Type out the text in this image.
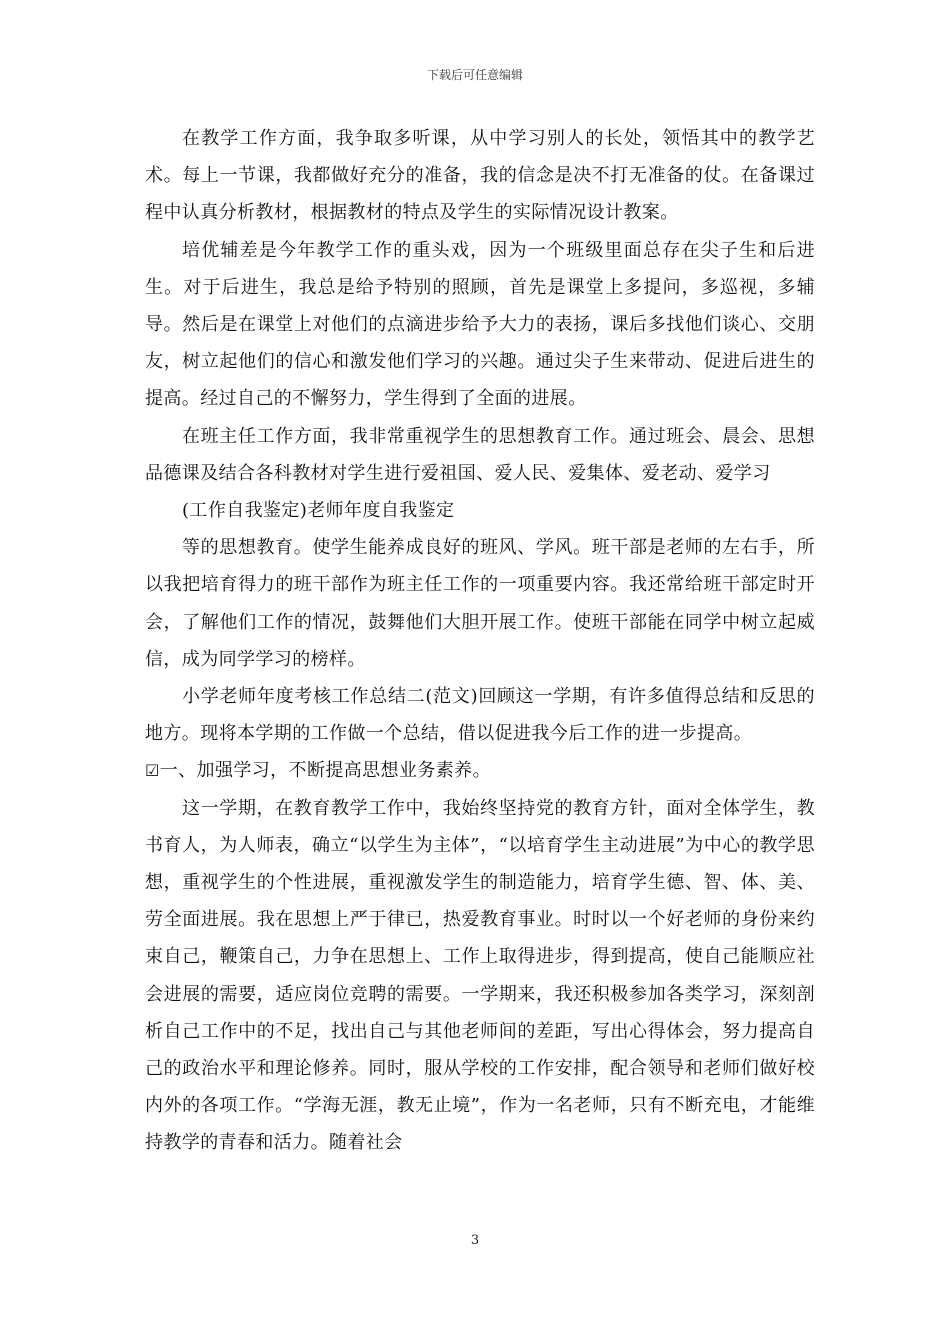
下载后可任意编辑

在教学工作方面，我争取多听课，从中学习别人的长处，领悟其中的教学艺术。每上一节课，我都做好充分的准备，我的信念是决不打无准备的仗。在备课过程中认真分析教材，根据教材的特点及学生的实际情况设计教案。

培优辅差是今年教学工作的重头戏，因为一个班级里面总存在尖子生和后进生。对于后进生，我总是给予特别的照顾，首先是课堂上多提问，多巡视，多辅导。然后是在课堂上对他们的点滴进步给予大力的表扬，课后多找他们谈心、交朋友，树立起他们的信心和激发他们学习的兴趣。通过尖子生来带动、促进后进生的提高。经过自己的不懈努力，学生得到了全面的进展。

在班主任工作方面，我非常重视学生的思想教育工作。通过班会、晨会、思想品德课及结合各科教材对学生进行爱祖国、爱人民、爱集体、爱老动、爱学习

(工作自我鉴定)老师年度自我鉴定

等的思想教育。使学生能养成良好的班风、学风。班干部是老师的左右手，所以我把培育得力的班干部作为班主任工作的一项重要内容。我还常给班干部定时开会，了解他们工作的情况，鼓舞他们大胆开展工作。使班干部能在同学中树立起威信，成为同学学习的榜样。

小学老师年度考核工作总结二(范文)回顾这一学期，有许多值得总结和反思的地方。现将本学期的工作做一个总结，借以促进我今后工作的进一步提高。

☑一、加强学习，不断提高思想业务素养。

这一学期，在教育教学工作中，我始终坚持党的教育方针，面对全体学生，教书育人，为人师表，确立“以学生为主体”，“以培育学生主动进展”为中心的教学思想，重视学生的个性进展，重视激发学生的制造能力，培育学生德、智、体、美、劳全面进展。我在思想上严于律已，热爱教育事业。时时以一个好老师的身份来约束自己，鞭策自己，力争在思想上、工作上取得进步，得到提高，使自己能顺应社会进展的需要，适应岗位竞聘的需要。一学期来，我还积极参加各类学习，深刻剖析自己工作中的不足，找出自己与其他老师间的差距，写出心得体会，努力提高自己的政治水平和理论修养。同时，服从学校的工作安排，配合领导和老师们做好校内外的各项工作。“学海无涯，教无止境”，作为一名老师，只有不断充电，才能维持教学的青春和活力。随着社会

3
